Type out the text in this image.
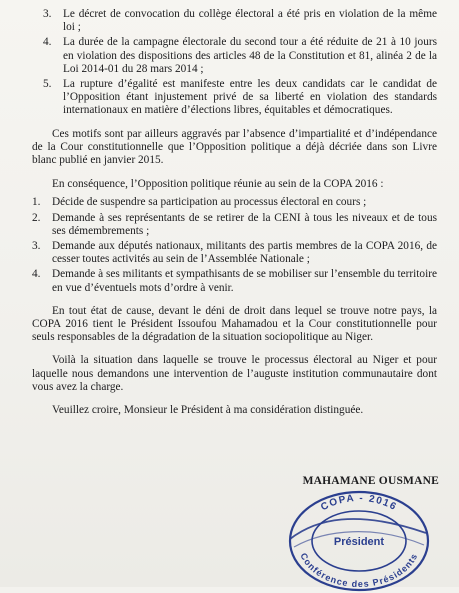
3. Le décret de convocation du collège électoral a été pris en violation de la même loi ;
4. La durée de la campagne électorale du second tour a été réduite de 21 à 10 jours en violation des dispositions des articles 48 de la Constitution et 81, alinéa 2 de la Loi 2014-01 du 28 mars 2014 ;
5. La rupture d’égalité est manifeste entre les deux candidats car le candidat de l’Opposition étant injustement privé de sa liberté en violation des standards internationaux en matière d’élections libres, équitables et démocratiques.

Ces motifs sont par ailleurs aggravés par l’absence d’impartialité et d’indépendance de la Cour constitutionnelle que l’Opposition politique a déjà décriée dans son Livre blanc publié en janvier 2015.

En conséquence, l’Opposition politique réunie au sein de la COPA 2016 :

1. Décide de suspendre sa participation au processus électoral en cours ;
2. Demande à ses représentants de se retirer de la CENI à tous les niveaux et de tous ses démembrements ;
3. Demande aux députés nationaux, militants des partis membres de la COPA 2016, de cesser toutes activités au sein de l’Assemblée Nationale ;
4. Demande à ses militants et sympathisants de se mobiliser sur l’ensemble du territoire en vue d’éventuels mots d’ordre à venir.

En tout état de cause, devant le déni de droit dans lequel se trouve notre pays, la COPA 2016 tient le Président Issoufou Mahamadou et la Cour constitutionnelle pour seuls responsables de la dégradation de la situation sociopolitique au Niger.

Voilà la situation dans laquelle se trouve le processus électoral au Niger et pour laquelle nous demandons une intervention de l’auguste institution communautaire dont vous avez la charge.

Veuillez croire, Monsieur le Président à ma considération distinguée.

MAHAMANE OUSMANE
COPA - 2016
Conférence des Présidents
Président
